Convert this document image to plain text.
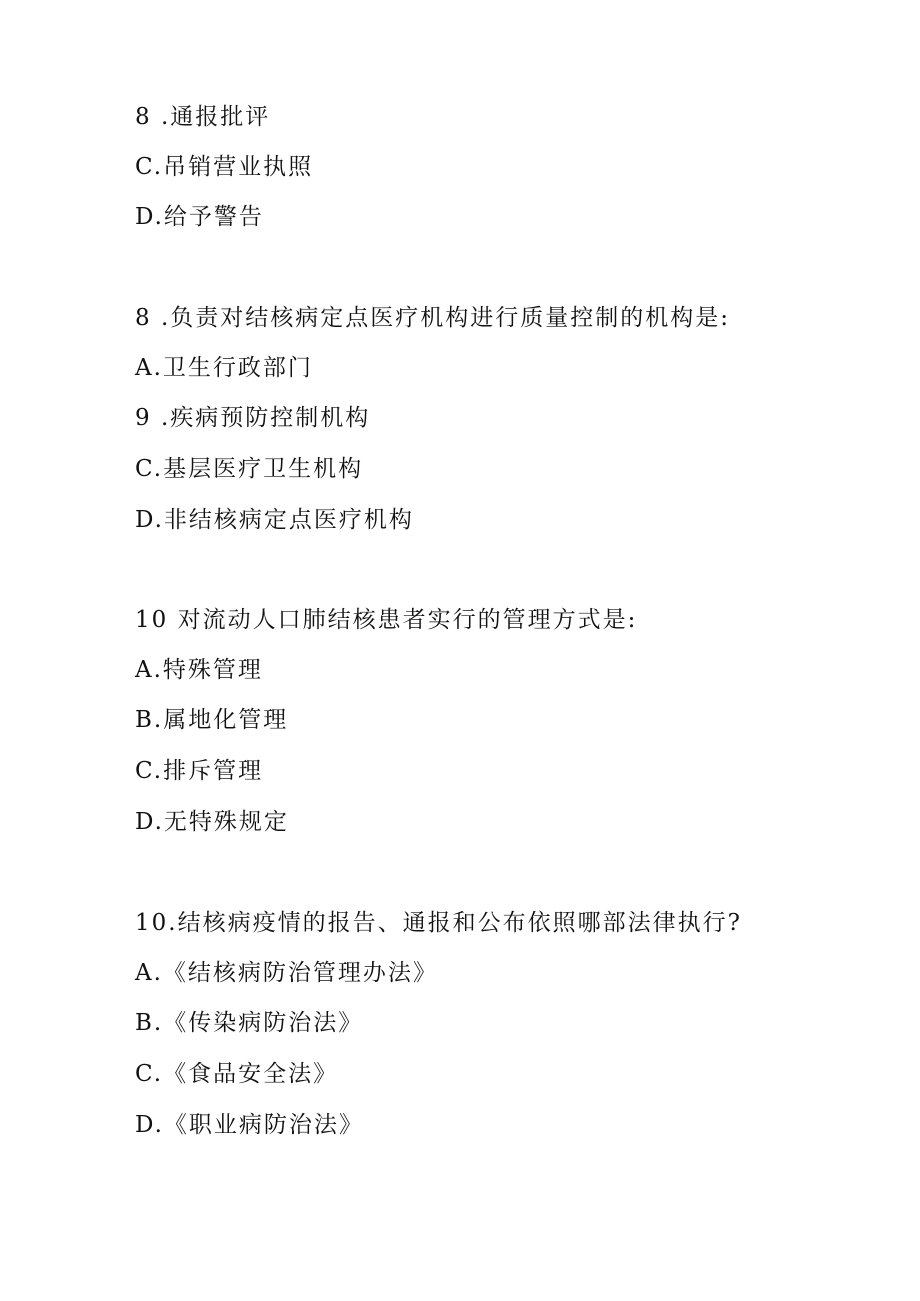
8 .通报批评
C.吊销营业执照
D.给予警告
8 .负责对结核病定点医疗机构进行质量控制的机构是:
A.卫生行政部门
9 .疾病预防控制机构
C.基层医疗卫生机构
D.非结核病定点医疗机构
10 对流动人口肺结核患者实行的管理方式是:
A.特殊管理
B.属地化管理
C.排斥管理
D.无特殊规定
10.结核病疫情的报告、通报和公布依照哪部法律执行?
A.《结核病防治管理办法》
B.《传染病防治法》
C.《食品安全法》
D.《职业病防治法》
